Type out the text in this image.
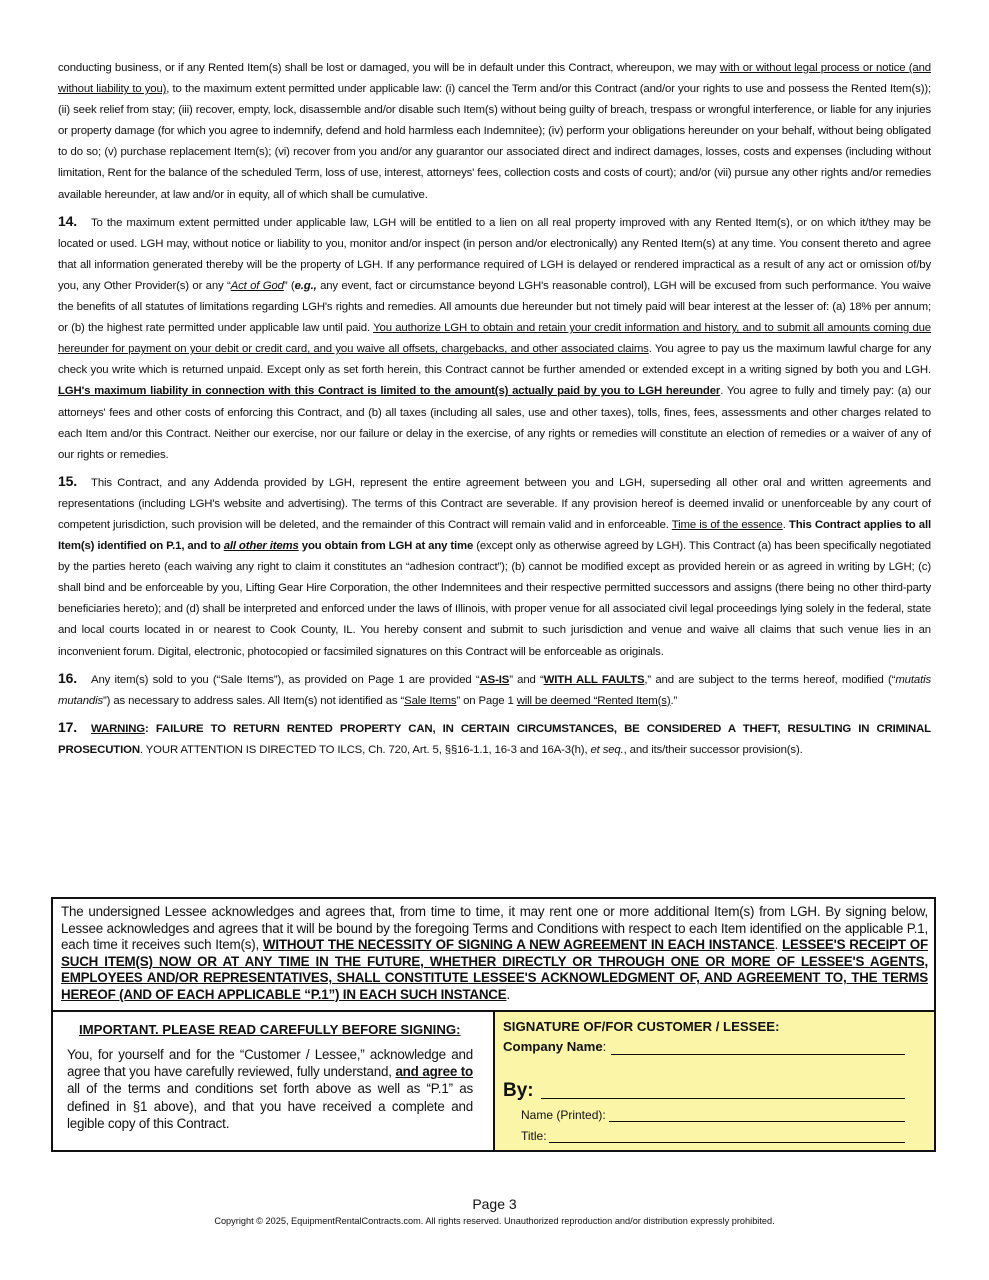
conducting business, or if any Rented Item(s) shall be lost or damaged, you will be in default under this Contract, whereupon, we may with or without legal process or notice (and without liability to you), to the maximum extent permitted under applicable law: (i) cancel the Term and/or this Contract (and/or your rights to use and possess the Rented Item(s)); (ii) seek relief from stay; (iii) recover, empty, lock, disassemble and/or disable such Item(s) without being guilty of breach, trespass or wrongful interference, or liable for any injuries or property damage (for which you agree to indemnify, defend and hold harmless each Indemnitee); (iv) perform your obligations hereunder on your behalf, without being obligated to do so; (v) purchase replacement Item(s); (vi) recover from you and/or any guarantor our associated direct and indirect damages, losses, costs and expenses (including without limitation, Rent for the balance of the scheduled Term, loss of use, interest, attorneys' fees, collection costs and costs of court); and/or (vii) pursue any other rights and/or remedies available hereunder, at law and/or in equity, all of which shall be cumulative.

14. To the maximum extent permitted under applicable law, LGH will be entitled to a lien on all real property improved with any Rented Item(s), or on which it/they may be located or used. LGH may, without notice or liability to you, monitor and/or inspect (in person and/or electronically) any Rented Item(s) at any time. You consent thereto and agree that all information generated thereby will be the property of LGH. If any performance required of LGH is delayed or rendered impractical as a result of any act or omission of/by you, any Other Provider(s) or any “Act of God” (e.g., any event, fact or circumstance beyond LGH's reasonable control), LGH will be excused from such performance. You waive the benefits of all statutes of limitations regarding LGH's rights and remedies. All amounts due hereunder but not timely paid will bear interest at the lesser of: (a) 18% per annum; or (b) the highest rate permitted under applicable law until paid. You authorize LGH to obtain and retain your credit information and history, and to submit all amounts coming due hereunder for payment on your debit or credit card, and you waive all offsets, chargebacks, and other associated claims. You agree to pay us the maximum lawful charge for any check you write which is returned unpaid. Except only as set forth herein, this Contract cannot be further amended or extended except in a writing signed by both you and LGH. LGH's maximum liability in connection with this Contract is limited to the amount(s) actually paid by you to LGH hereunder. You agree to fully and timely pay: (a) our attorneys' fees and other costs of enforcing this Contract, and (b) all taxes (including all sales, use and other taxes), tolls, fines, fees, assessments and other charges related to each Item and/or this Contract. Neither our exercise, nor our failure or delay in the exercise, of any rights or remedies will constitute an election of remedies or a waiver of any of our rights or remedies.

15. This Contract, and any Addenda provided by LGH, represent the entire agreement between you and LGH, superseding all other oral and written agreements and representations (including LGH's website and advertising). The terms of this Contract are severable. If any provision hereof is deemed invalid or unenforceable by any court of competent jurisdiction, such provision will be deleted, and the remainder of this Contract will remain valid and in enforceable. Time is of the essence. This Contract applies to all Item(s) identified on P.1, and to all other items you obtain from LGH at any time (except only as otherwise agreed by LGH). This Contract (a) has been specifically negotiated by the parties hereto (each waiving any right to claim it constitutes an “adhesion contract”); (b) cannot be modified except as provided herein or as agreed in writing by LGH; (c) shall bind and be enforceable by you, Lifting Gear Hire Corporation, the other Indemnitees and their respective permitted successors and assigns (there being no other third-party beneficiaries hereto); and (d) shall be interpreted and enforced under the laws of Illinois, with proper venue for all associated civil legal proceedings lying solely in the federal, state and local courts located in or nearest to Cook County, IL. You hereby consent and submit to such jurisdiction and venue and waive all claims that such venue lies in an inconvenient forum. Digital, electronic, photocopied or facsimiled signatures on this Contract will be enforceable as originals.

16. Any item(s) sold to you (“Sale Items”), as provided on Page 1 are provided “AS-IS” and “WITH ALL FAULTS,” and are subject to the terms hereof, modified (“mutatis mutandis”) as necessary to address sales. All Item(s) not identified as “Sale Items” on Page 1 will be deemed “Rented Item(s).”

17. WARNING: FAILURE TO RETURN RENTED PROPERTY CAN, IN CERTAIN CIRCUMSTANCES, BE CONSIDERED A THEFT, RESULTING IN CRIMINAL PROSECUTION. YOUR ATTENTION IS DIRECTED TO ILCS, Ch. 720, Art. 5, §§16-1.1, 16-3 and 16A-3(h), et seq., and its/their successor provision(s).

The undersigned Lessee acknowledges and agrees that, from time to time, it may rent one or more additional Item(s) from LGH. By signing below, Lessee acknowledges and agrees that it will be bound by the foregoing Terms and Conditions with respect to each Item identified on the applicable P.1, each time it receives such Item(s), WITHOUT THE NECESSITY OF SIGNING A NEW AGREEMENT IN EACH INSTANCE. LESSEE'S RECEIPT OF SUCH ITEM(S) NOW OR AT ANY TIME IN THE FUTURE, WHETHER DIRECTLY OR THROUGH ONE OR MORE OF LESSEE'S AGENTS, EMPLOYEES AND/OR REPRESENTATIVES, SHALL CONSTITUTE LESSEE'S ACKNOWLEDGMENT OF, AND AGREEMENT TO, THE TERMS HEREOF (AND OF EACH APPLICABLE “P.1”) IN EACH SUCH INSTANCE.
IMPORTANT. PLEASE READ CAREFULLY BEFORE SIGNING:
You, for yourself and for the “Customer / Lessee,” acknowledge and agree that you have carefully reviewed, fully understand, and agree to all of the terms and conditions set forth above as well as “P.1” as defined in §1 above), and that you have received a complete and legible copy of this Contract.
SIGNATURE OF/FOR CUSTOMER / LESSEE:
Company Name:
By:
Name (Printed):
Title:
Page 3
Copyright © 2025, EquipmentRentalContracts.com. All rights reserved. Unauthorized reproduction and/or distribution expressly prohibited.
